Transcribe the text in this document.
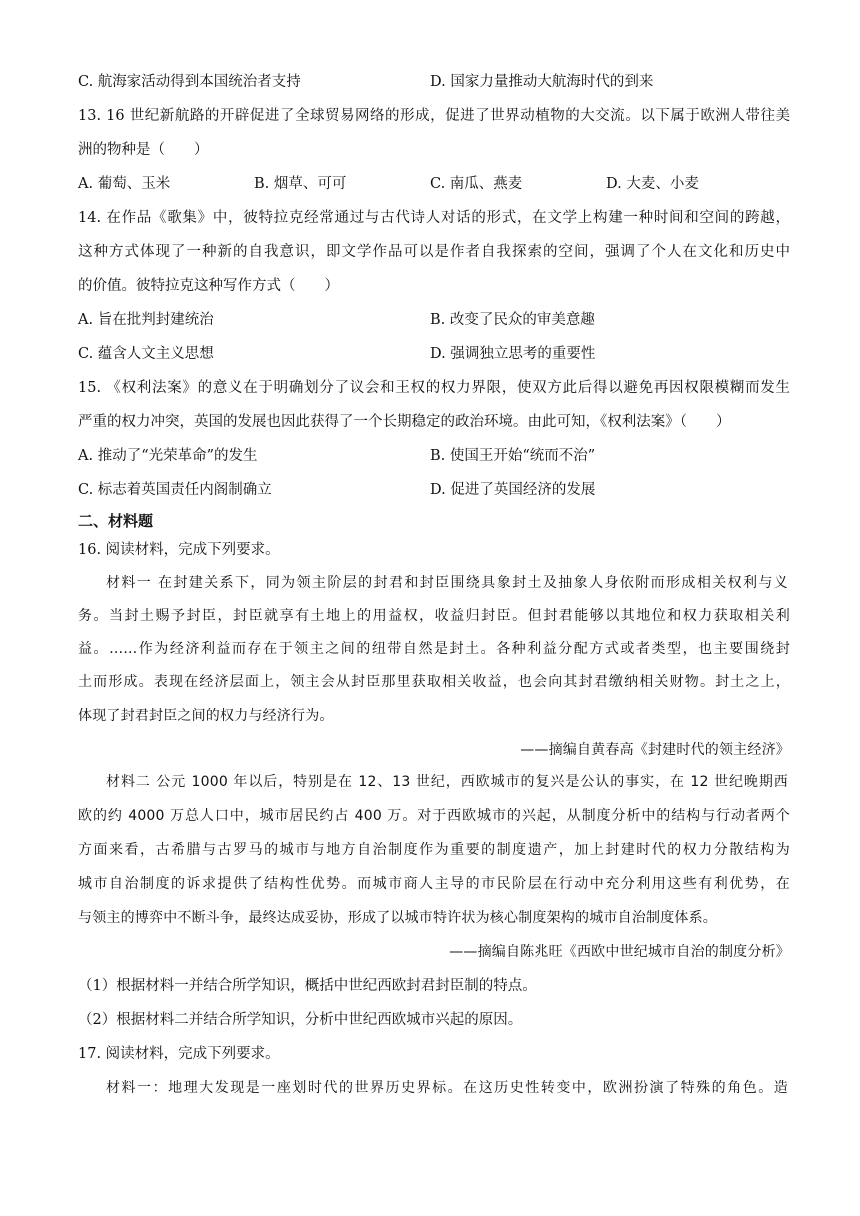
C. 航海家活动得到本国统治者支持	D. 国家力量推动大航海时代的到来
13. 16 世纪新航路的开辟促进了全球贸易网络的形成，促进了世界动植物的大交流。以下属于欧洲人带往美
洲的物种是（　　）
A. 葡萄、玉米	B. 烟草、可可	C. 南瓜、燕麦	D. 大麦、小麦
14. 在作品《歌集》中，彼特拉克经常通过与古代诗人对话的形式，在文学上构建一种时间和空间的跨越，
这种方式体现了一种新的自我意识，即文学作品可以是作者自我探索的空间，强调了个人在文化和历史中
的价值。彼特拉克这种写作方式（　　）
A. 旨在批判封建统治	B. 改变了民众的审美意趣
C. 蕴含人文主义思想	D. 强调独立思考的重要性
15. 《权利法案》的意义在于明确划分了议会和王权的权力界限，使双方此后得以避免再因权限模糊而发生
严重的权力冲突，英国的发展也因此获得了一个长期稳定的政治环境。由此可知，《权利法案》（　　）
A. 推动了“光荣革命”的发生	B. 使国王开始“统而不治”
C. 标志着英国责任内阁制确立	D. 促进了英国经济的发展
二、材料题
16. 阅读材料，完成下列要求。
材料一 在封建关系下，同为领主阶层的封君和封臣围绕具象封土及抽象人身依附而形成相关权利与义
务。当封土赐予封臣，封臣就享有土地上的用益权，收益归封臣。但封君能够以其地位和权力获取相关利
益。……作为经济利益而存在于领主之间的纽带自然是封土。各种利益分配方式或者类型，也主要围绕封
土而形成。表现在经济层面上，领主会从封臣那里获取相关收益，也会向其封君缴纳相关财物。封土之上，
体现了封君封臣之间的权力与经济行为。
——摘编自黄春高《封建时代的领主经济》
材料二 公元 1000 年以后，特别是在 12、13 世纪，西欧城市的复兴是公认的事实，在 12 世纪晚期西
欧的约 4000 万总人口中，城市居民约占 400 万。对于西欧城市的兴起，从制度分析中的结构与行动者两个
方面来看，古希腊与古罗马的城市与地方自治制度作为重要的制度遗产，加上封建时代的权力分散结构为
城市自治制度的诉求提供了结构性优势。而城市商人主导的市民阶层在行动中充分利用这些有利优势，在
与领主的博弈中不断斗争，最终达成妥协，形成了以城市特许状为核心制度架构的城市自治制度体系。
——摘编自陈兆旺《西欧中世纪城市自治的制度分析》
（1）根据材料一并结合所学知识，概括中世纪西欧封君封臣制的特点。
（2）根据材料二并结合所学知识，分析中世纪西欧城市兴起的原因。
17. 阅读材料，完成下列要求。
材料一：地理大发现是一座划时代的世界历史界标。在这历史性转变中，欧洲扮演了特殊的角色。造
